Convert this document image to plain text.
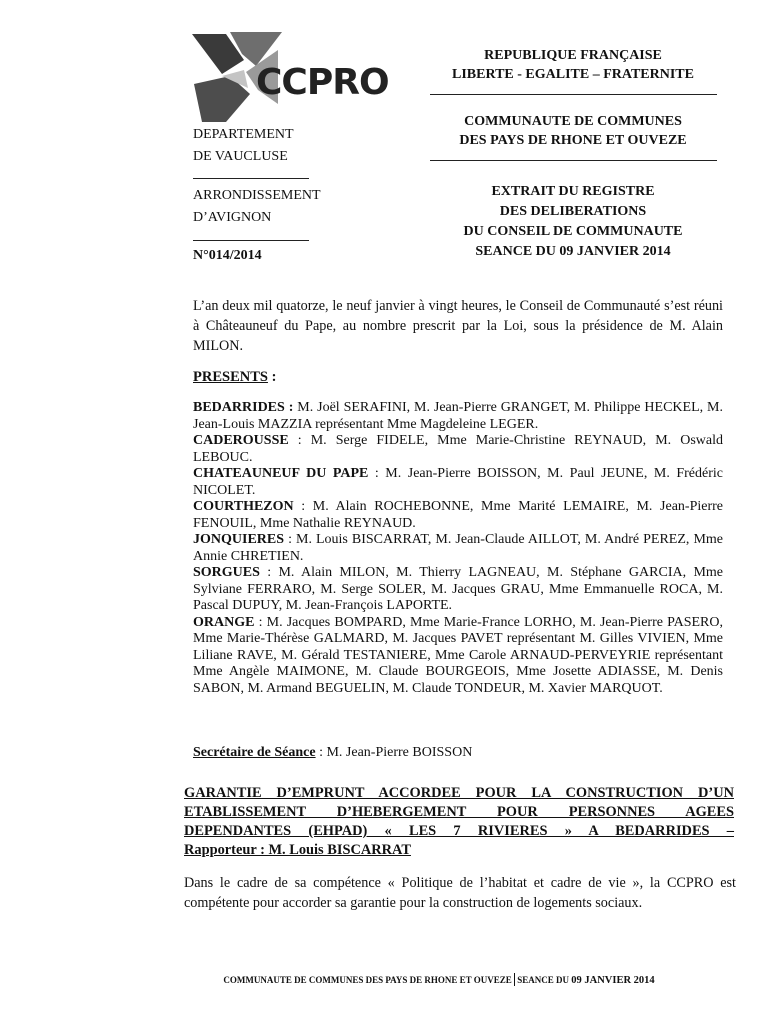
CCPRO
REPUBLIQUE FRANÇAISE
LIBERTE - EGALITE – FRATERNITE
COMMUNAUTE DE COMMUNES
DES PAYS DE RHONE ET OUVEZE
EXTRAIT DU REGISTRE
DES DELIBERATIONS
DU CONSEIL DE COMMUNAUTE
SEANCE DU 09 JANVIER 2014
DEPARTEMENT
DE VAUCLUSE
ARRONDISSEMENT
D’AVIGNON
N°014/2014
L’an deux mil quatorze, le neuf janvier à vingt heures, le Conseil de Communauté s’est réuni à Châteauneuf du Pape, au nombre prescrit par la Loi, sous la présidence de M. Alain MILON.
PRESENTS :

BEDARRIDES : M. Joël SERAFINI, M. Jean-Pierre GRANGET, M. Philippe HECKEL, M. Jean-Louis MAZZIA représentant Mme Magdeleine LEGER.

CADEROUSSE : M. Serge FIDELE, Mme Marie-Christine REYNAUD, M. Oswald LEBOUC.

CHATEAUNEUF DU PAPE : M. Jean-Pierre BOISSON, M. Paul JEUNE, M. Frédéric NICOLET.

COURTHEZON : M. Alain ROCHEBONNE, Mme Marité LEMAIRE, M. Jean-Pierre FENOUIL, Mme Nathalie REYNAUD.

JONQUIERES : M. Louis BISCARRAT, M. Jean-Claude AILLOT, M. André PEREZ, Mme Annie CHRETIEN.

SORGUES : M. Alain MILON, M. Thierry LAGNEAU, M. Stéphane GARCIA, Mme Sylviane FERRARO, M. Serge SOLER, M. Jacques GRAU, Mme Emmanuelle ROCA, M. Pascal DUPUY, M. Jean-François LAPORTE.

ORANGE : M. Jacques BOMPARD, Mme Marie-France LORHO, M. Jean-Pierre PASERO, Mme Marie-Thérèse GALMARD, M. Jacques PAVET représentant M. Gilles VIVIEN, Mme Liliane RAVE, M. Gérald TESTANIERE, Mme Carole ARNAUD-PERVEYRIE représentant Mme Angèle MAIMONE, M. Claude BOURGEOIS, Mme Josette ADIASSE, M. Denis SABON, M. Armand BEGUELIN, M. Claude TONDEUR, M. Xavier MARQUOT.

Secrétaire de Séance : M. Jean-Pierre BOISSON
GARANTIE D’EMPRUNT ACCORDEE POUR LA CONSTRUCTION D’UN
ETABLISSEMENT D’HEBERGEMENT POUR PERSONNES AGEES
DEPENDANTES (EHPAD) « LES 7 RIVIERES » A BEDARRIDES –
Rapporteur : M. Louis BISCARRAT
Dans le cadre de sa compétence « Politique de l’habitat et cadre de vie », la CCPRO est compétente pour accorder sa garantie pour la construction de logements sociaux.
COMMUNAUTE DE COMMUNES DES PAYS DE RHONE ET OUVEZE SEANCE DU 09 JANVIER 2014
